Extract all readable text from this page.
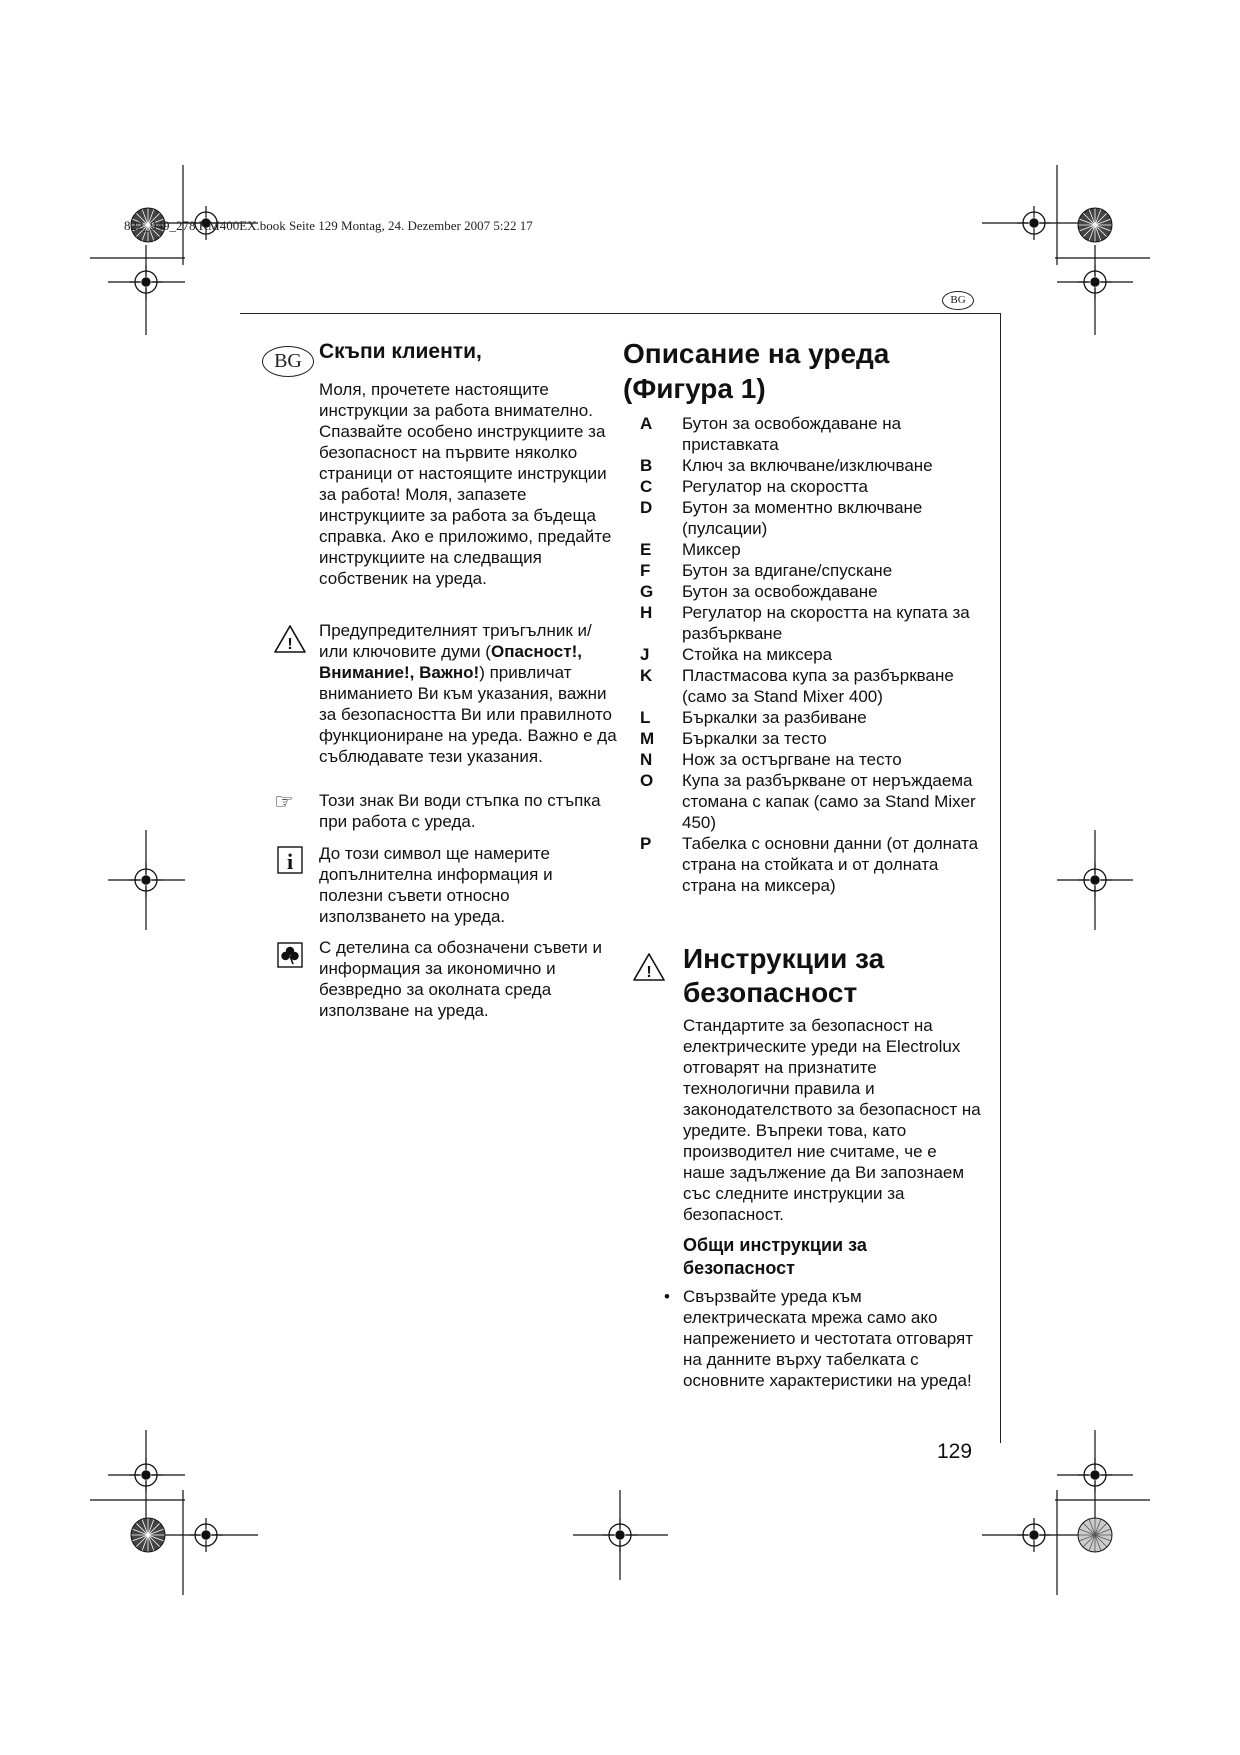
822_949_278 KM400EX.book Seite 129 Montag, 24. Dezember 2007 5:22 17
BG
BG Скъпи клиенти,
Моля, прочетете настоящите инструкции за работа внимателно. Спазвайте особено инструкциите за безопасност на първите няколко страници от настоящите инструкции за работа! Моля, запазете инструкциите за работа за бъдеща справка. Ако е приложимо, предайте инструкциите на следващия собственик на уреда.
!
Предупредителният триъгълник и/или ключовите думи (Опасност!, Внимание!, Важно!) привличат вниманието Ви към указания, важни за безопасността Ви или правилното функциониране на уреда. Важно е да съблюдавате тези указания.
☞ Този знак Ви води стъпка по стъпка при работа с уреда.
i До този символ ще намерите допълнителна информация и полезни съвети относно използването на уреда.
С детелина са обозначени съвети и информация за икономично и безвредно за околната среда използване на уреда.
Описание на уреда (Фигура 1)
A	Бутон за освобождаване на приставката
B	Ключ за включване/изключване
C	Регулатор на скоростта
D	Бутон за моментно включване (пулсации)
E	Миксер
F	Бутон за вдигане/спускане
G	Бутон за освобождаване
H	Регулатор на скоростта на купата за разбъркване
J	Стойка на миксера
K	Пластмасова купа за разбъркване (само за Stand Mixer 400)
L	Бъркалки за разбиване
M	Бъркалки за тесто
N	Нож за остъргване на тесто
O	Купа за разбъркване от неръждаема стомана с капак (само за Stand Mixer 450)
P	Табелка с основни данни (от долната страна на стойката и от долната страна на миксера)
! Инструкции за безопасност
Стандартите за безопасност на електрическите уреди на Electrolux отговарят на признатите технологични правила и законодателството за безопасност на уредите. Въпреки това, като производител ние считаме, че е наше задължение да Ви запознаем със следните инструкции за безопасност.
Общи инструкции за безопасност
• Свързвайте уреда към електрическата мрежа само ако напрежението и честотата отговарят на данните върху табелката с основните характеристики на уреда!
129
